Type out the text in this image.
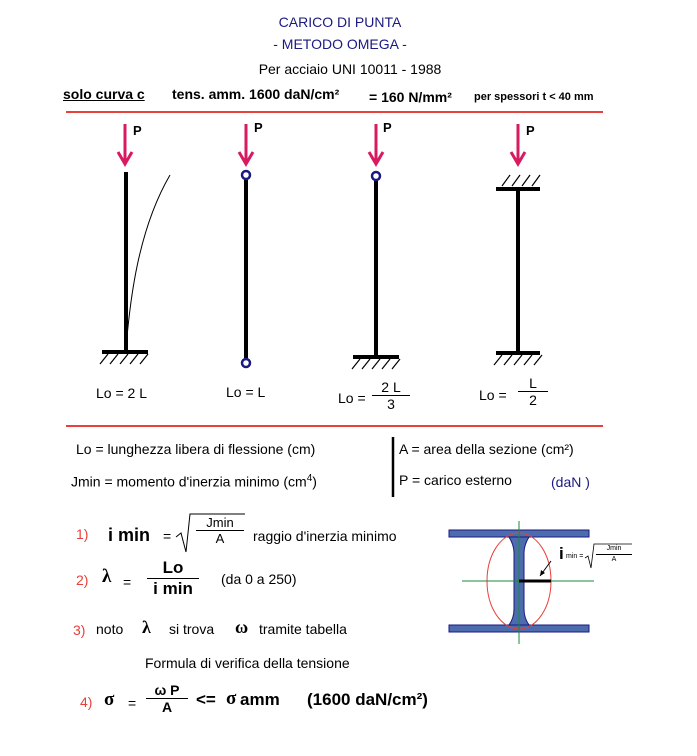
CARICO DI PUNTA
- METODO OMEGA -
Per acciaio UNI 10011 - 1988
solo curva c tens. amm. 1600 daN/cm² = 160 N/mm² per spessori t < 40 mm
P	P	P	P
Lo = 2 L	Lo = L	Lo =
2 L
3
Lo =
L
2
Lo = lunghezza libera di flessione (cm)
Jmin = momento d'inerzia minimo $(cm^4)$
A = area della sezione (cm²)
P = carico esterno	(daN )
1) i min =
Jmin
A	raggio d'inerzia minimo
2) λ =
Lo
i min	(da 0 a 250)
3) noto λ si trova ω tramite tabella
Formula di verifica della tensione
4) σ =
ω P
A	<= σ amm (1600 daN/cm²)
i min =
Jmin
A
